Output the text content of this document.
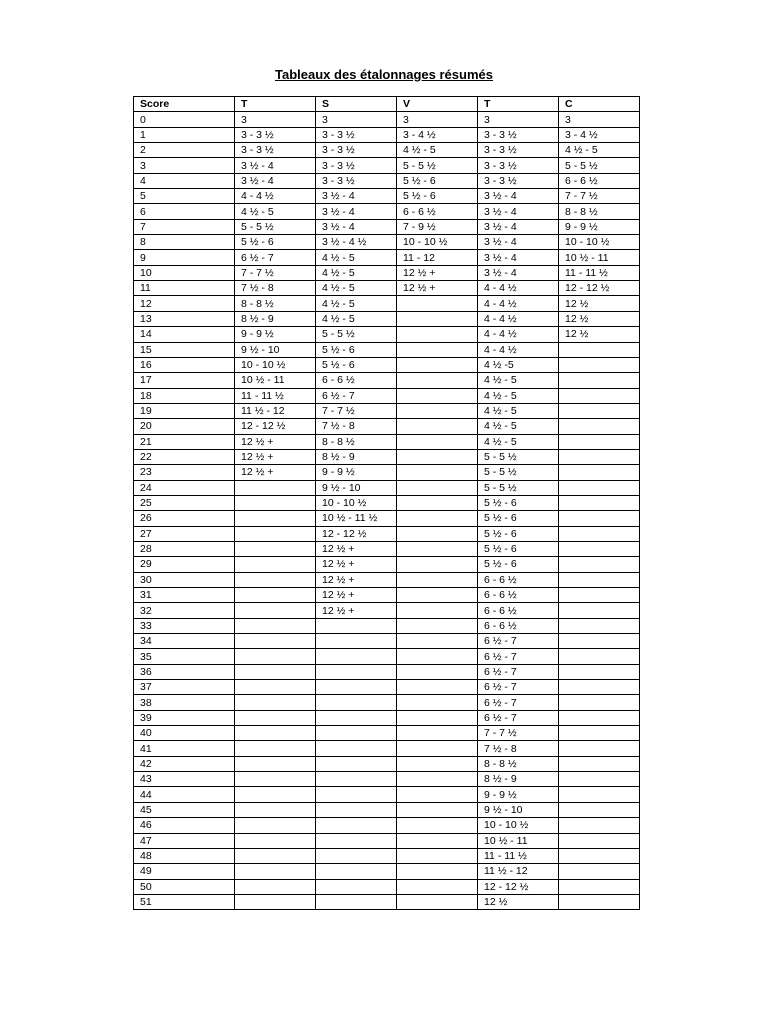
Tableaux des étalonnages résumés
Score	T	S	V	T	C
0	3	3	3	3	3
1	3 - 3 ½	3 - 3 ½	3 - 4 ½	3 - 3 ½	3 - 4 ½
2	3 - 3 ½	3 - 3 ½	4 ½ - 5	3 - 3 ½	4 ½ - 5
3	3 ½ - 4	3 - 3 ½	5 - 5 ½	3 - 3 ½	5 - 5 ½
4	3 ½ - 4	3 - 3 ½	5 ½ - 6	3 - 3 ½	6 - 6 ½
5	4 - 4 ½	3 ½ - 4	5 ½ - 6	3 ½ - 4	7 - 7 ½
6	4 ½ - 5	3 ½ - 4	6 - 6 ½	3 ½ - 4	8 - 8 ½
7	5 - 5 ½	3 ½ - 4	7 - 9 ½	3 ½ - 4	9 - 9 ½
8	5 ½ - 6	3 ½ - 4 ½	10 - 10 ½	3 ½ - 4	10 - 10 ½
9	6 ½ - 7	4 ½ - 5	11 - 12	3 ½ - 4	10 ½ - 11
10	7 - 7 ½	4 ½ - 5	12 ½ +	3 ½ - 4	11 - 11 ½
11	7 ½ - 8	4 ½ - 5	12 ½ +	4 - 4 ½	12 - 12 ½
12	8 - 8 ½	4 ½ - 5		4 - 4 ½	12 ½
13	8 ½ - 9	4 ½ - 5		4 - 4 ½	12 ½
14	9 - 9 ½	5 - 5 ½		4 - 4 ½	12 ½
15	9 ½ - 10	5 ½ - 6		4 - 4 ½	
16	10 - 10 ½	5 ½ - 6		4 ½ -5	
17	10 ½ - 11	6 - 6 ½		4 ½ - 5	
18	11 - 11 ½	6 ½ - 7		4 ½ - 5	
19	11 ½ - 12	7 - 7 ½		4 ½ - 5	
20	12 - 12 ½	7 ½ - 8		4 ½ - 5	
21	12 ½ +	8 - 8 ½		4 ½ - 5	
22	12 ½ +	8 ½ - 9		5 - 5 ½	
23	12 ½ +	9 - 9 ½		5 - 5 ½	
24		9 ½ - 10		5 - 5 ½	
25		10 - 10 ½		5 ½ - 6	
26		10 ½ - 11 ½		5 ½ - 6	
27		12 - 12 ½		5 ½ - 6	
28		12 ½ +		5 ½ - 6	
29		12 ½ +		5 ½ - 6	
30		12 ½ +		6 - 6 ½	
31		12 ½ +		6 - 6 ½	
32		12 ½ +		6 - 6 ½	
33				6 - 6 ½	
34				6 ½ - 7	
35				6 ½ - 7	
36				6 ½ - 7	
37				6 ½ - 7	
38				6 ½ - 7	
39				6 ½ - 7	
40				7 - 7 ½	
41				7 ½ - 8	
42				8 - 8 ½	
43				8 ½ - 9	
44				9 - 9 ½	
45				9 ½ - 10	
46				10 - 10 ½	
47				10 ½ - 11	
48				11 - 11 ½	
49				11 ½ - 12	
50				12 - 12 ½	
51				12 ½	
